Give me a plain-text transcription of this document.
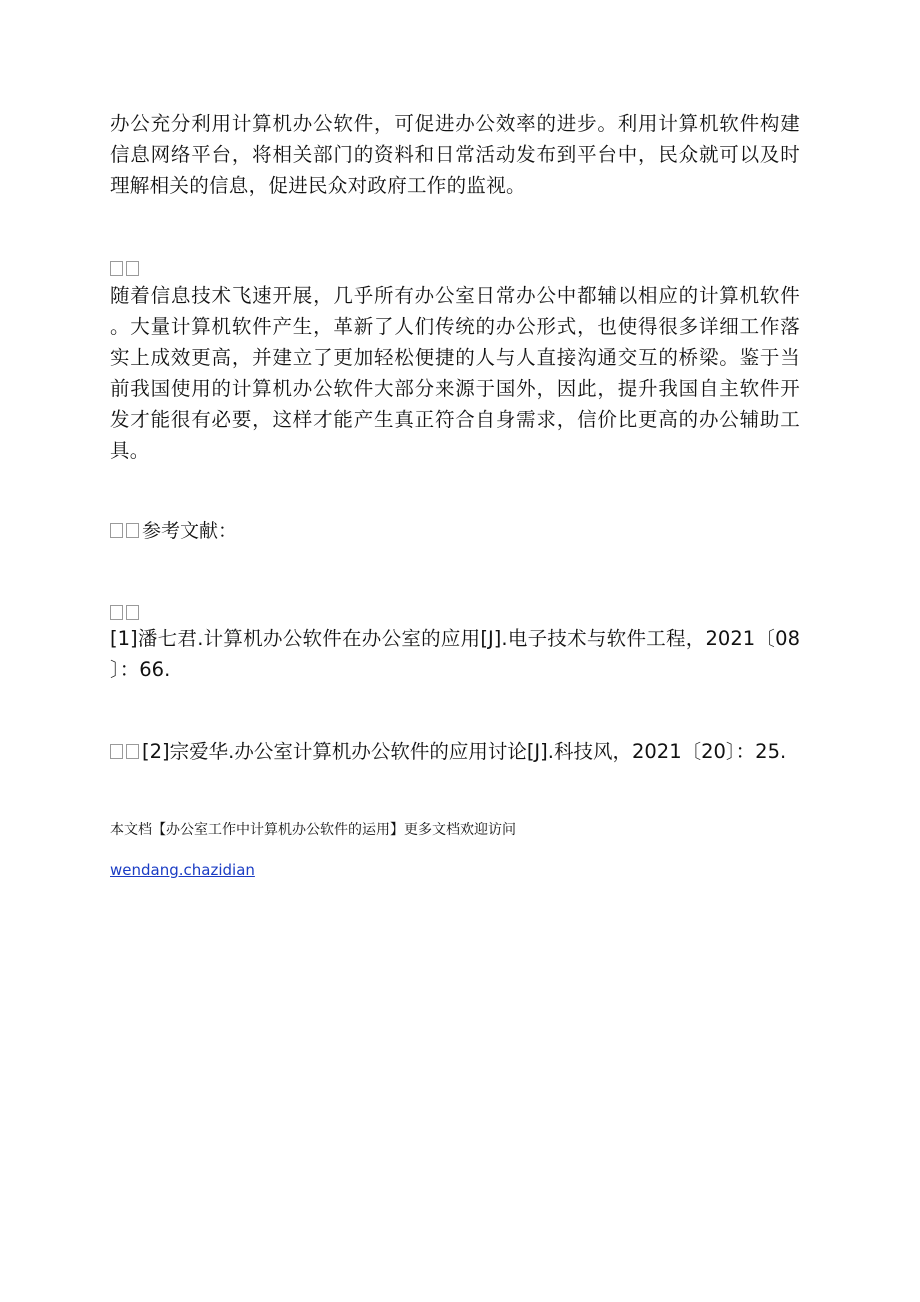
办公充分利用计算机办公软件，可促进办公效率的进步。利用计算机软件构建
信息网络平台，将相关部门的资料和日常活动发布到平台中，民众就可以及时
理解相关的信息，促进民众对政府工作的监视。
随着信息技术飞速开展，几乎所有办公室日常办公中都辅以相应的计算机软件
。大量计算机软件产生，革新了人们传统的办公形式，也使得很多详细工作落
实上成效更高，并建立了更加轻松便捷的人与人直接沟通交互的桥梁。鉴于当
前我国使用的计算机办公软件大部分来源于国外，因此，提升我国自主软件开
发才能很有必要，这样才能产生真正符合自身需求，信价比更高的办公辅助工
具。
参考文献：
[1]潘七君.计算机办公软件在办公室的应用[J].电子技术与软件工程，2021〔08
〕：66.
[2]宗爱华.办公室计算机办公软件的应用讨论[J].科技风，2021〔20〕：25.
本文档【办公室工作中计算机办公软件的运用】更多文档欢迎访问
wendang.chazidian
